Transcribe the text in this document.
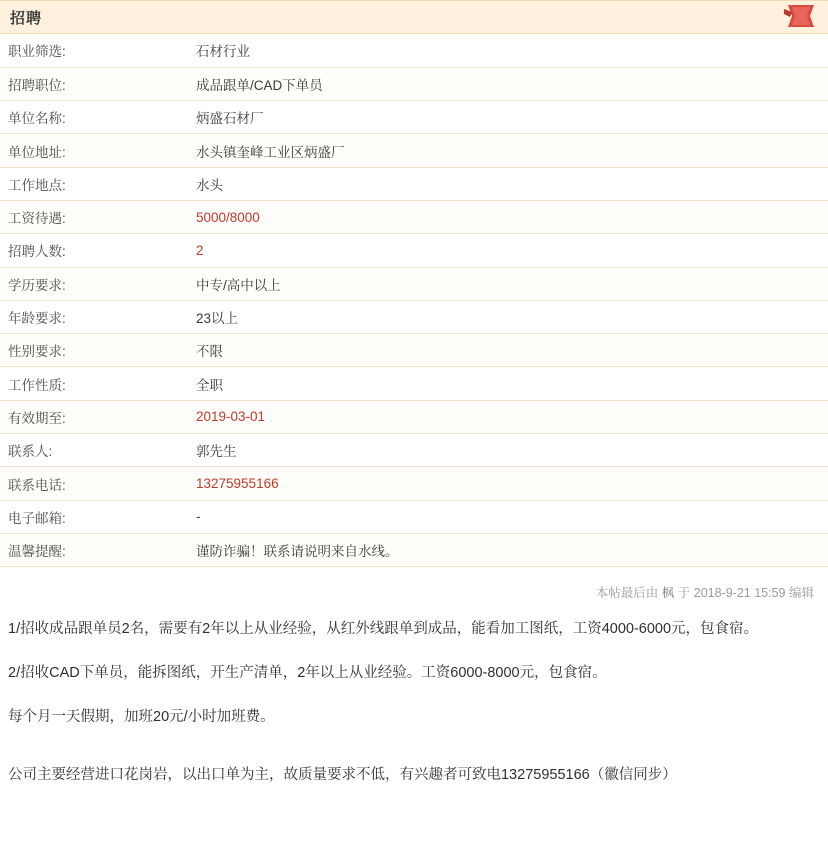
招聘
职业筛选:	石材行业
招聘职位:	成品跟单/CAD下单员
单位名称:	炳盛石材厂
单位地址:	水头镇奎峰工业区炳盛厂
工作地点:	水头
工资待遇:	5000/8000
招聘人数:	2
学历要求:	中专/高中以上
年龄要求:	23以上
性别要求:	不限
工作性质:	全职
有效期至:	2019-03-01
联系人:	郭先生
联系电话:	13275955166
电子邮箱:	-
温馨提醒:	谨防诈骗！联系请说明来自水线。
本帖最后由 枫 于 2018-9-21 15:59 编辑

1/招收成品跟单员2名，需要有2年以上从业经验，从红外线跟单到成品，能看加工图纸，工资4000-6000元，包食宿。

2/招收CAD下单员，能拆图纸，开生产清单，2年以上从业经验。工资6000-8000元，包食宿。

每个月一天假期，加班20元/小时加班费。

公司主要经营进口花岗岩，以出口单为主，故质量要求不低，有兴趣者可致电13275955166（徽信同步）
